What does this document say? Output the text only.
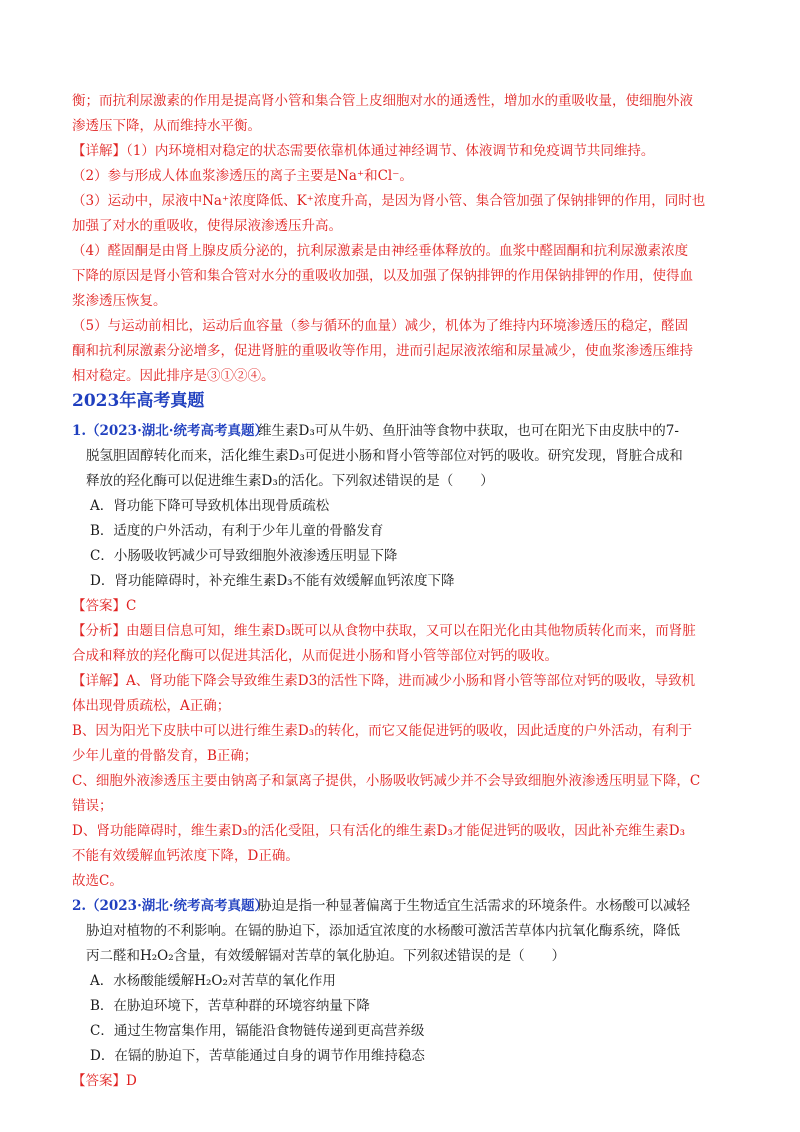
衡；而抗利尿激素的作用是提高肾小管和集合管上皮细胞对水的通透性，增加水的重吸收量，使细胞外液
渗透压下降，从而维持水平衡。
【详解】（1）内环境相对稳定的状态需要依靠机体通过神经调节、体液调节和免疫调节共同维持。
（2）参与形成人体血浆渗透压的离子主要是Na⁺和Cl⁻。
（3）运动中，尿液中Na⁺浓度降低、K⁺浓度升高，是因为肾小管、集合管加强了保钠排钾的作用，同时也
加强了对水的重吸收，使得尿液渗透压升高。
（4）醛固酮是由肾上腺皮质分泌的，抗利尿激素是由神经垂体释放的。血浆中醛固酮和抗利尿激素浓度
下降的原因是肾小管和集合管对水分的重吸收加强，以及加强了保钠排钾的作用保钠排钾的作用，使得血
浆渗透压恢复。
（5）与运动前相比，运动后血容量（参与循环的血量）减少，机体为了维持内环境渗透压的稳定，醛固
酮和抗利尿激素分泌增多，促进肾脏的重吸收等作用，进而引起尿液浓缩和尿量减少，使血浆渗透压维持
相对稳定。因此排序是③①②④。
2023年高考真题
1. （2023·湖北·统考高考真题）
维生素D₃可从牛奶、鱼肝油等食物中获取，也可在阳光下由皮肤中的7-
脱氢胆固醇转化而来，活化维生素D₃可促进小肠和肾小管等部位对钙的吸收。研究发现，肾脏合成和
释放的羟化酶可以促进维生素D₃的活化。下列叙述错误的是（　　）
A．肾功能下降可导致机体出现骨质疏松
B．适度的户外活动，有利于少年儿童的骨骼发育
C．小肠吸收钙减少可导致细胞外液渗透压明显下降
D．肾功能障碍时，补充维生素D₃不能有效缓解血钙浓度下降
【答案】C
【分析】由题目信息可知，维生素D₃既可以从食物中获取，又可以在阳光化由其他物质转化而来，而肾脏
合成和释放的羟化酶可以促进其活化，从而促进小肠和肾小管等部位对钙的吸收。
【详解】A、肾功能下降会导致维生素D3的活性下降，进而减少小肠和肾小管等部位对钙的吸收，导致机
体出现骨质疏松，A正确；
B、因为阳光下皮肤中可以进行维生素D₃的转化，而它又能促进钙的吸收，因此适度的户外活动，有利于
少年儿童的骨骼发育，B正确；
C、细胞外液渗透压主要由钠离子和氯离子提供，小肠吸收钙减少并不会导致细胞外液渗透压明显下降，C
错误；
D、肾功能障碍时，维生素D₃的活化受阻，只有活化的维生素D₃才能促进钙的吸收，因此补充维生素D₃
不能有效缓解血钙浓度下降，D正确。
故选C。
2. （2023·湖北·统考高考真题）
胁迫是指一种显著偏离于生物适宜生活需求的环境条件。水杨酸可以减轻
胁迫对植物的不利影响。在镉的胁迫下，添加适宜浓度的水杨酸可激活苦草体内抗氧化酶系统，降低
丙二醛和H₂O₂含量，有效缓解镉对苦草的氧化胁迫。下列叙述错误的是（　　）
A．水杨酸能缓解H₂O₂对苦草的氧化作用
B．在胁迫环境下，苦草种群的环境容纳量下降
C．通过生物富集作用，镉能沿食物链传递到更高营养级
D．在镉的胁迫下，苦草能通过自身的调节作用维持稳态
【答案】D
